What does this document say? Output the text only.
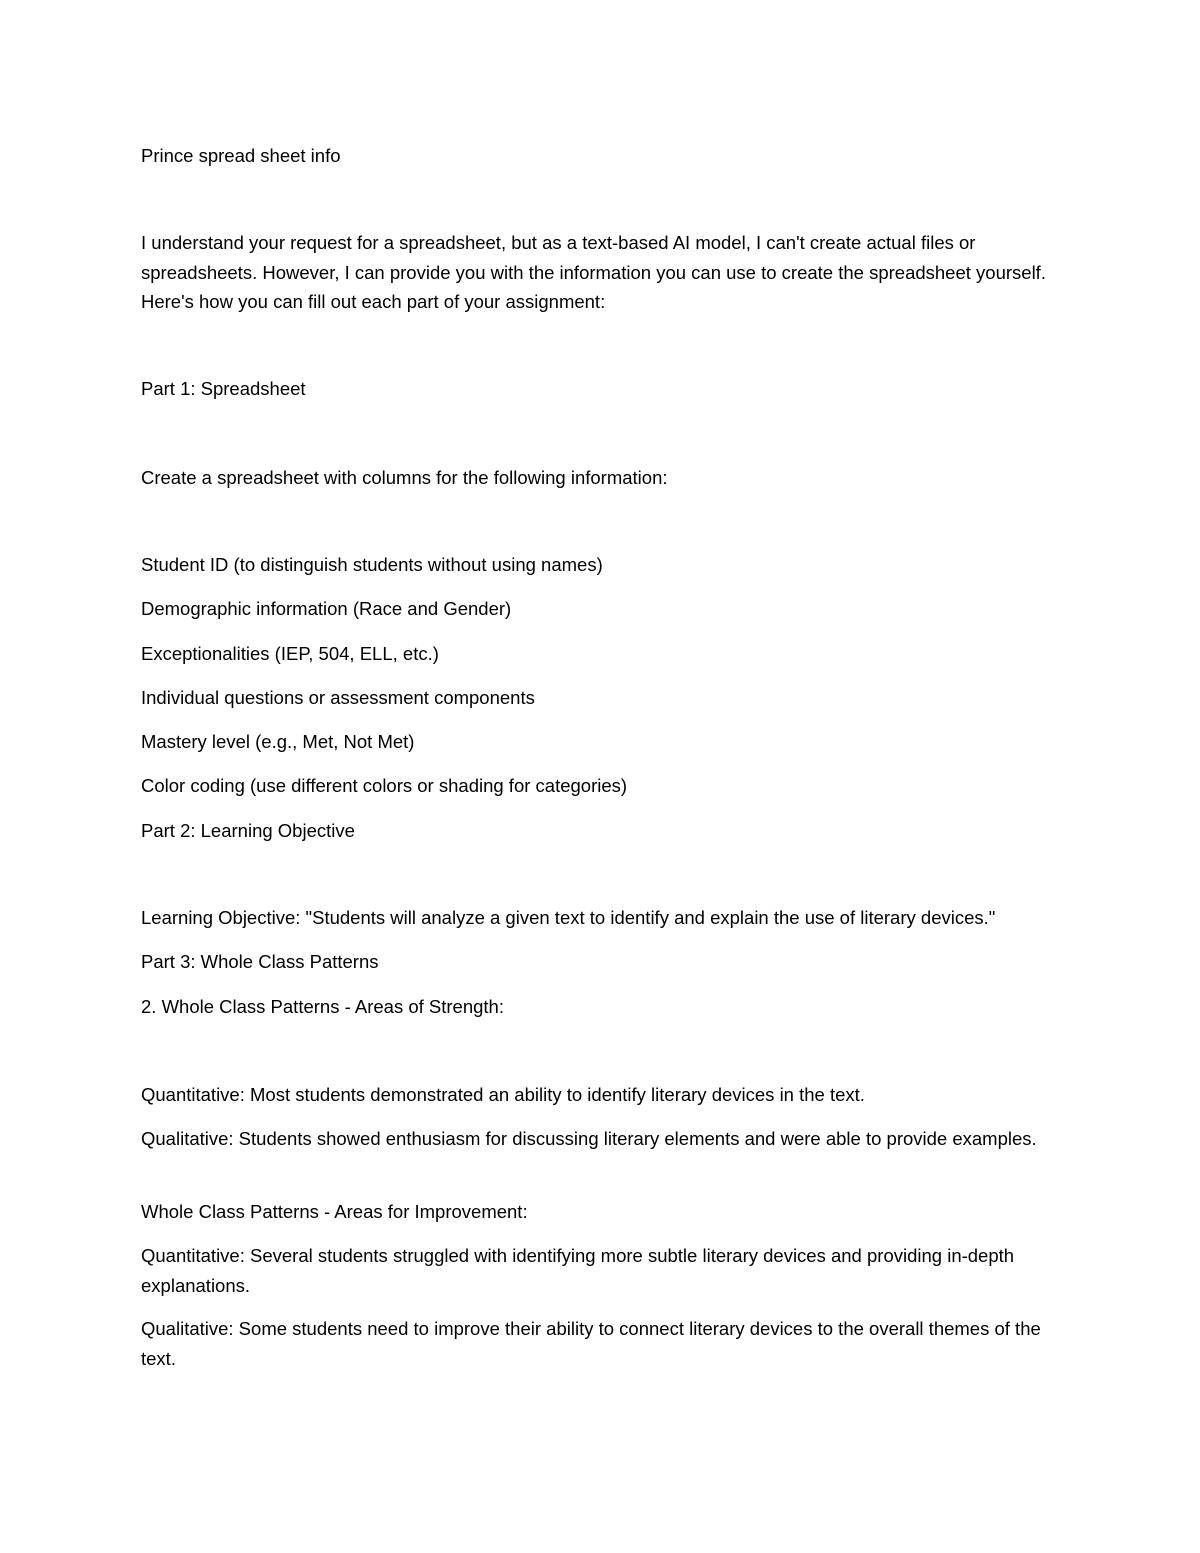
Prince spread sheet info

I understand your request for a spreadsheet, but as a text-based AI model, I can't create actual files or spreadsheets. However, I can provide you with the information you can use to create the spreadsheet yourself. Here's how you can fill out each part of your assignment:

Part 1: Spreadsheet

Create a spreadsheet with columns for the following information:

Student ID (to distinguish students without using names)

Demographic information (Race and Gender)

Exceptionalities (IEP, 504, ELL, etc.)

Individual questions or assessment components

Mastery level (e.g., Met, Not Met)

Color coding (use different colors or shading for categories)

Part 2: Learning Objective

Learning Objective: "Students will analyze a given text to identify and explain the use of literary devices."

Part 3: Whole Class Patterns

2. Whole Class Patterns - Areas of Strength:

Quantitative: Most students demonstrated an ability to identify literary devices in the text.

Qualitative: Students showed enthusiasm for discussing literary elements and were able to provide examples.

Whole Class Patterns - Areas for Improvement:

Quantitative: Several students struggled with identifying more subtle literary devices and providing in-depth explanations.

Qualitative: Some students need to improve their ability to connect literary devices to the overall themes of the text.
